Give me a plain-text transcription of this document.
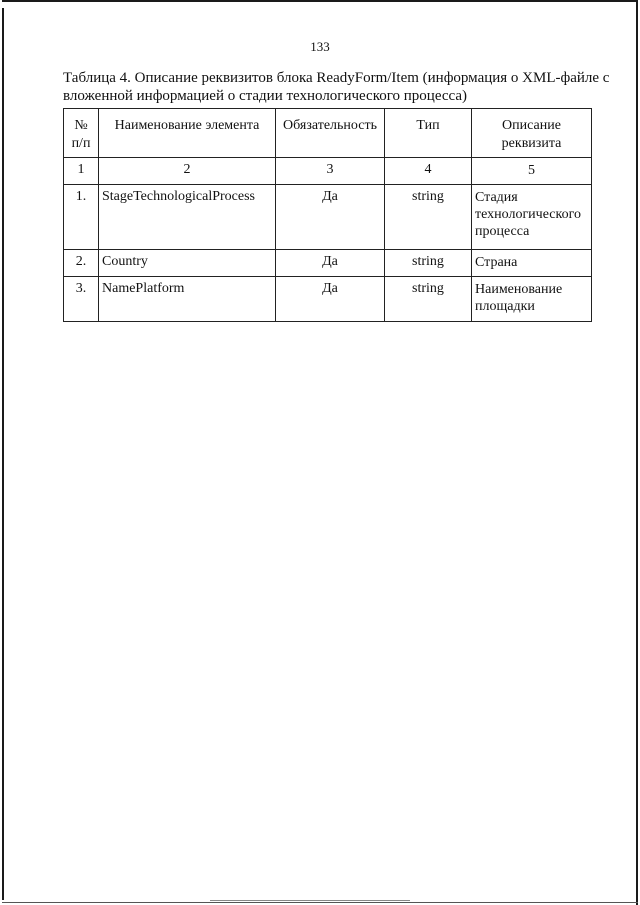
133
Таблица 4. Описание реквизитов блока ReadyForm/Item (информация о XML-файле с вложенной информацией о стадии технологического процесса)
№ п/п	Наименование элемента	Обязательность	Тип	Описание реквизита
1	2	3	4	5
1.	StageTechnologicalProcess	Да	string	Стадия технологического процесса
2.	Country	Да	string	Страна
3.	NamePlatform	Да	string	Наименование площадки
